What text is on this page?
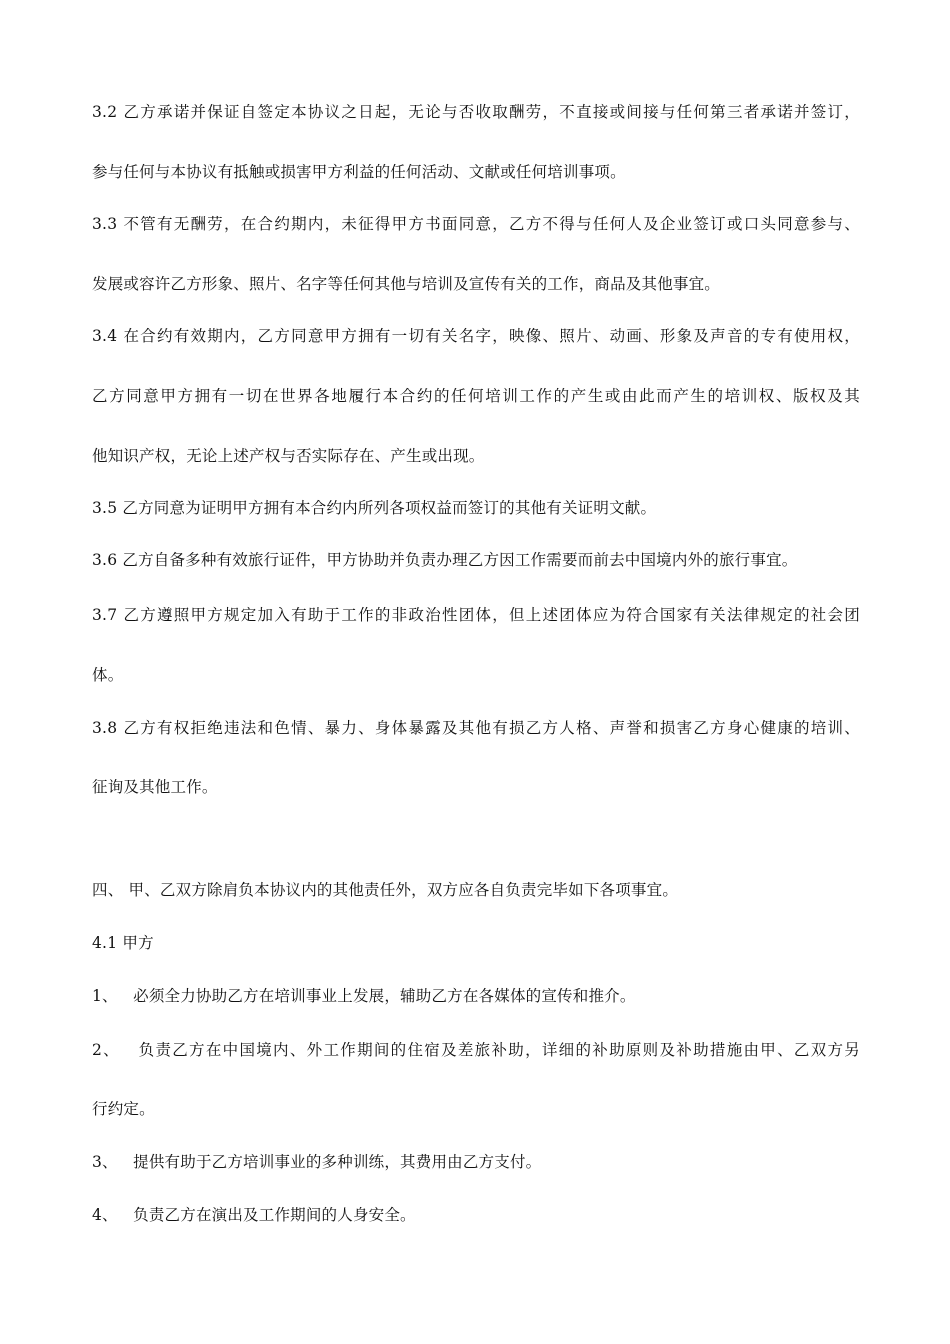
3.2 乙方承诺并保证自签定本协议之日起，无论与否收取酬劳，不直接或间接与任何第三者承诺并签订，
参与任何与本协议有抵触或损害甲方利益的任何活动、文献或任何培训事项。
3.3 不管有无酬劳，在合约期内，未征得甲方书面同意，乙方不得与任何人及企业签订或口头同意参与、
发展或容许乙方形象、照片、名字等任何其他与培训及宣传有关的工作，商品及其他事宜。
3.4 在合约有效期内，乙方同意甲方拥有一切有关名字，映像、照片、动画、形象及声音的专有使用权，
乙方同意甲方拥有一切在世界各地履行本合约的任何培训工作的产生或由此而产生的培训权、版权及其
他知识产权，无论上述产权与否实际存在、产生或出现。
3.5 乙方同意为证明甲方拥有本合约内所列各项权益而签订的其他有关证明文献。
3.6 乙方自备多种有效旅行证件，甲方协助并负责办理乙方因工作需要而前去中国境内外的旅行事宜。
3.7 乙方遵照甲方规定加入有助于工作的非政治性团体，但上述团体应为符合国家有关法律规定的社会团
体。
3.8 乙方有权拒绝违法和色情、暴力、身体暴露及其他有损乙方人格、声誉和损害乙方身心健康的培训、
征询及其他工作。
四、 甲、乙双方除肩负本协议内的其他责任外，双方应各自负责完毕如下各项事宜。
4.1 甲方
1、   必须全力协助乙方在培训事业上发展，辅助乙方在各媒体的宣传和推介。
2、   负责乙方在中国境内、外工作期间的住宿及差旅补助，详细的补助原则及补助措施由甲、乙双方另
行约定。
3、   提供有助于乙方培训事业的多种训练，其费用由乙方支付。
4、   负责乙方在演出及工作期间的人身安全。
